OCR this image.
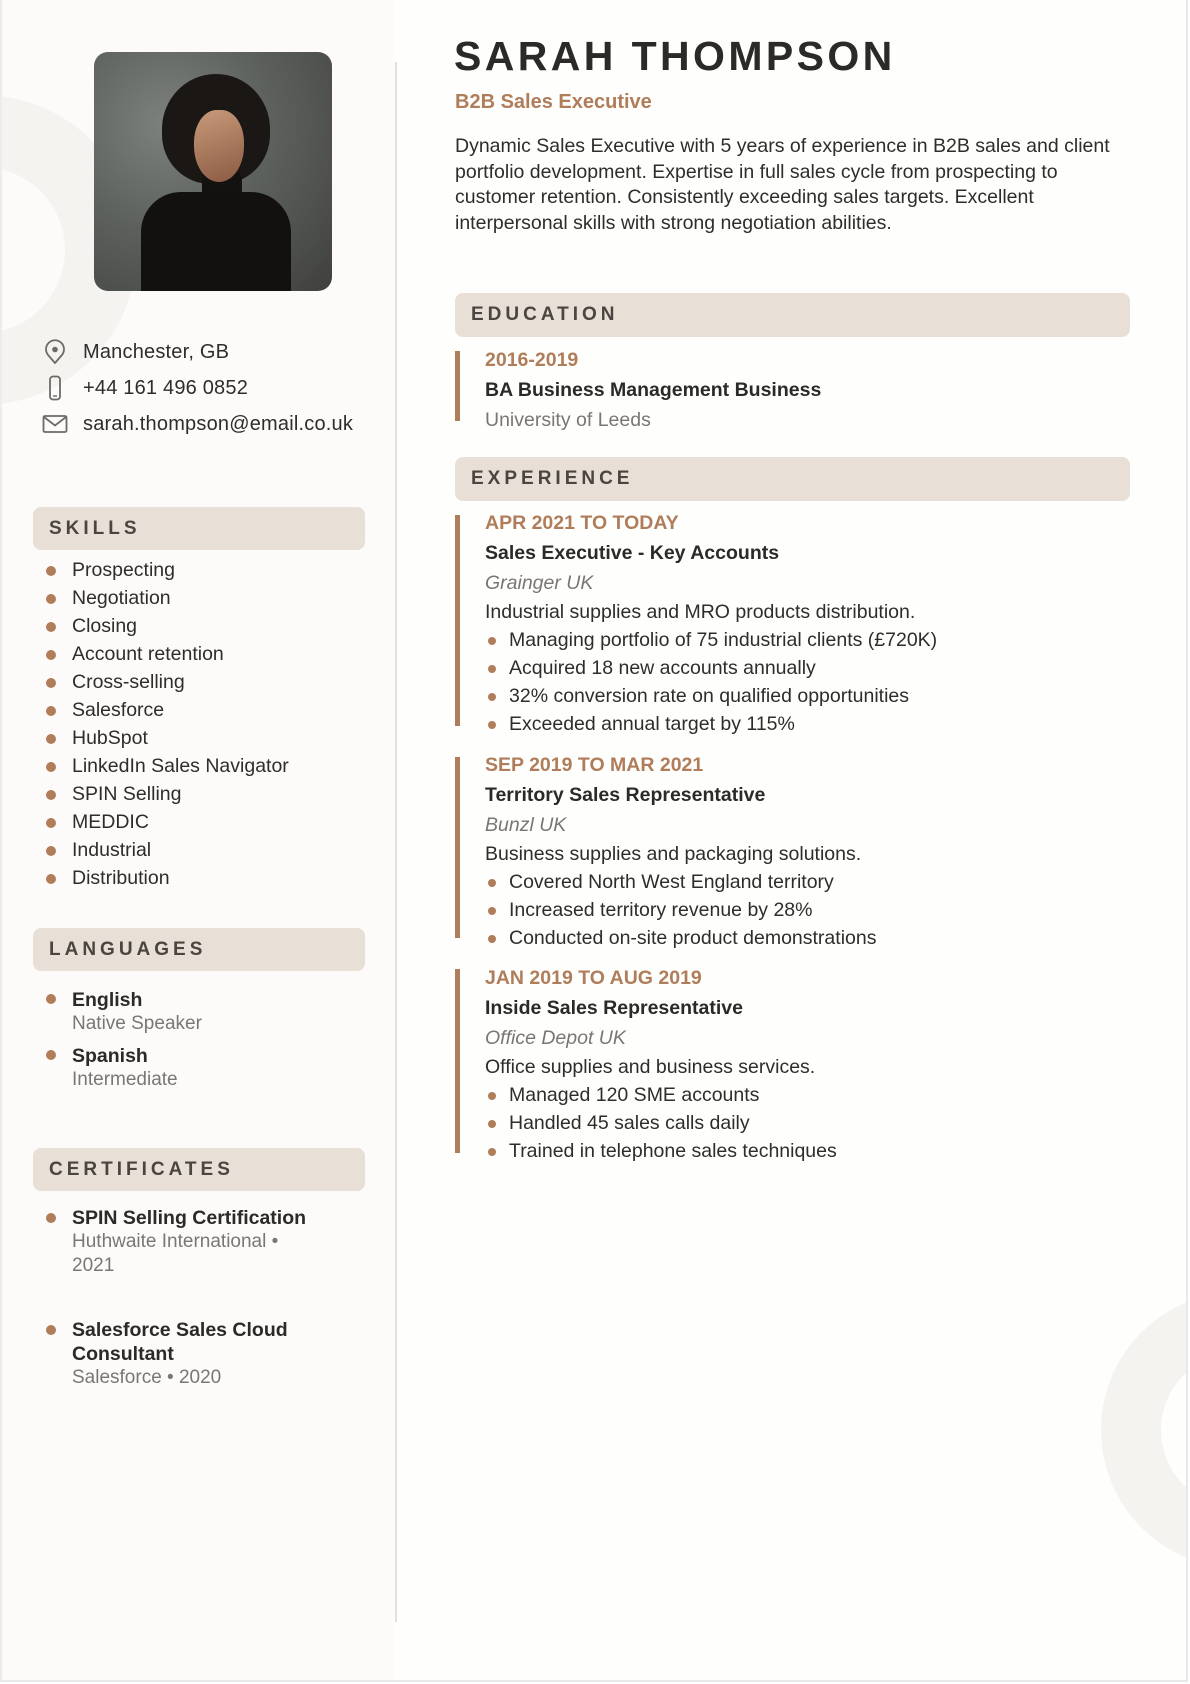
Manchester, GB
+44 161 496 0852
sarah.thompson@email.co.uk
SKILLS
Prospecting
Negotiation
Closing
Account retention
Cross-selling
Salesforce
HubSpot
LinkedIn Sales Navigator
SPIN Selling
MEDDIC
Industrial
Distribution
LANGUAGES
English
Native Speaker
Spanish
Intermediate
CERTIFICATES
SPIN Selling Certification
Huthwaite International • 2021
Salesforce Sales Cloud Consultant
Salesforce • 2020
SARAH THOMPSON
B2B Sales Executive
Dynamic Sales Executive with 5 years of experience in B2B sales and client portfolio development. Expertise in full sales cycle from prospecting to customer retention. Consistently exceeding sales targets. Excellent interpersonal skills with strong negotiation abilities.
EDUCATION
2016-2019
BA Business Management Business
University of Leeds
EXPERIENCE
APR 2021 TO TODAY
Sales Executive - Key Accounts
Grainger UK
Industrial supplies and MRO products distribution.
Managing portfolio of 75 industrial clients (£720K)
Acquired 18 new accounts annually
32% conversion rate on qualified opportunities
Exceeded annual target by 115%
SEP 2019 TO MAR 2021
Territory Sales Representative
Bunzl UK
Business supplies and packaging solutions.
Covered North West England territory
Increased territory revenue by 28%
Conducted on-site product demonstrations
JAN 2019 TO AUG 2019
Inside Sales Representative
Office Depot UK
Office supplies and business services.
Managed 120 SME accounts
Handled 45 sales calls daily
Trained in telephone sales techniques
